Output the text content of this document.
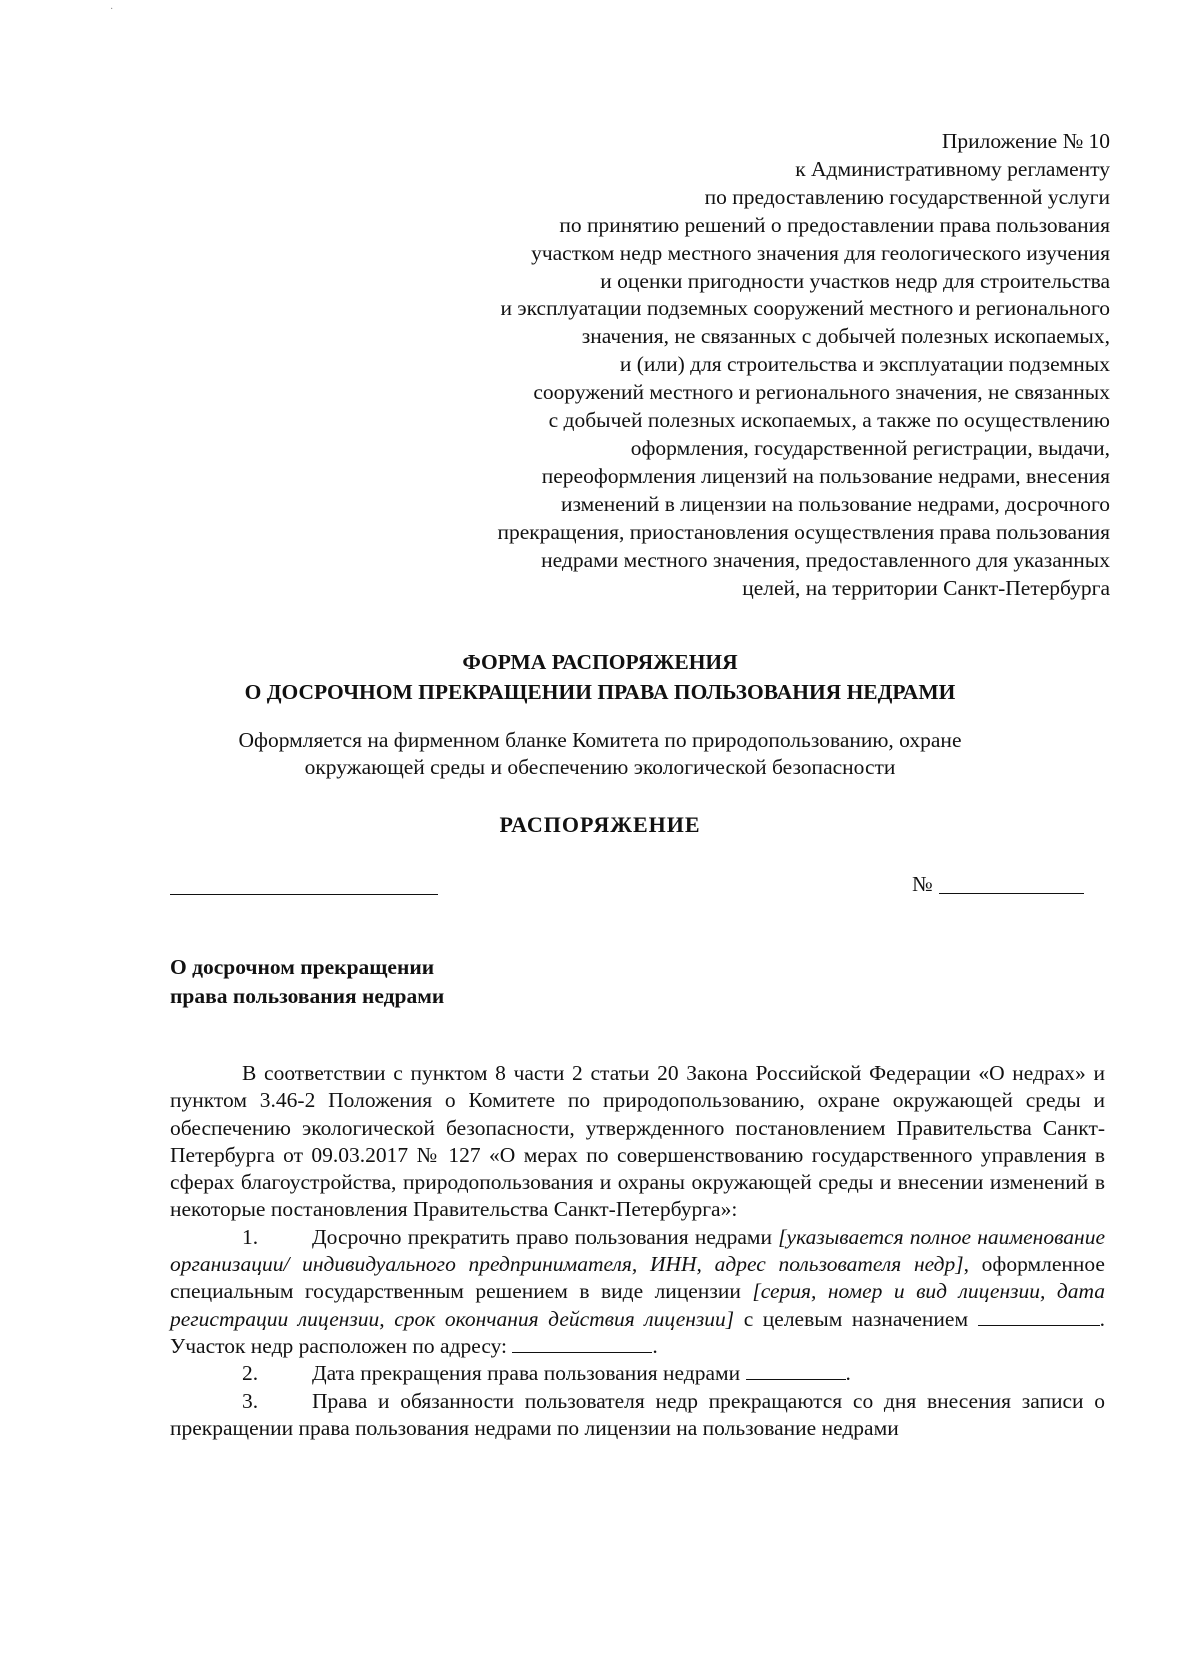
·
Приложение № 10
к Административному регламенту
по предоставлению государственной услуги
по принятию решений о предоставлении права пользования
участком недр местного значения для геологического изучения
и оценки пригодности участков недр для строительства
и эксплуатации подземных сооружений местного и регионального
значения, не связанных с добычей полезных ископаемых,
и (или) для строительства и эксплуатации подземных
сооружений местного и регионального значения, не связанных
с добычей полезных ископаемых, а также по осуществлению
оформления, государственной регистрации, выдачи,
переоформления лицензий на пользование недрами, внесения
изменений в лицензии на пользование недрами, досрочного
прекращения, приостановления осуществления права пользования
недрами местного значения, предоставленного для указанных
целей, на территории Санкт-Петербурга
ФОРМА РАСПОРЯЖЕНИЯ
О ДОСРОЧНОМ ПРЕКРАЩЕНИИ ПРАВА ПОЛЬЗОВАНИЯ НЕДРАМИ
Оформляется на фирменном бланке Комитета по природопользованию, охране
окружающей среды и обеспечению экологической безопасности
РАСПОРЯЖЕНИЕ
№
О досрочном прекращении
права пользования недрами

В соответствии с пунктом 8 части 2 статьи 20 Закона Российской Федерации «О недрах» и пунктом 3.46-2 Положения о Комитете по природопользованию, охране окружающей среды и обеспечению экологической безопасности, утвержденного постановлением Правительства Санкт-Петербурга от 09.03.2017 № 127 «О мерах по совершенствованию государственного управления в сферах благоустройства, природопользования и охраны окружающей среды и внесении изменений в некоторые постановления Правительства Санкт-Петербурга»:

1.	Досрочно прекратить право пользования недрами [указывается полное наименование организации/ индивидуального предпринимателя, ИНН, адрес пользователя недр], оформленное специальным государственным решением в виде лицензии [серия, номер и вид лицензии, дата регистрации лицензии, срок окончания действия лицензии] с целевым назначением	. Участок недр расположен по адресу:	.

2.	Дата прекращения права пользования недрами	.

3.	Права и обязанности пользователя недр прекращаются со дня внесения записи о прекращении права пользования недрами по лицензии на пользование недрами
